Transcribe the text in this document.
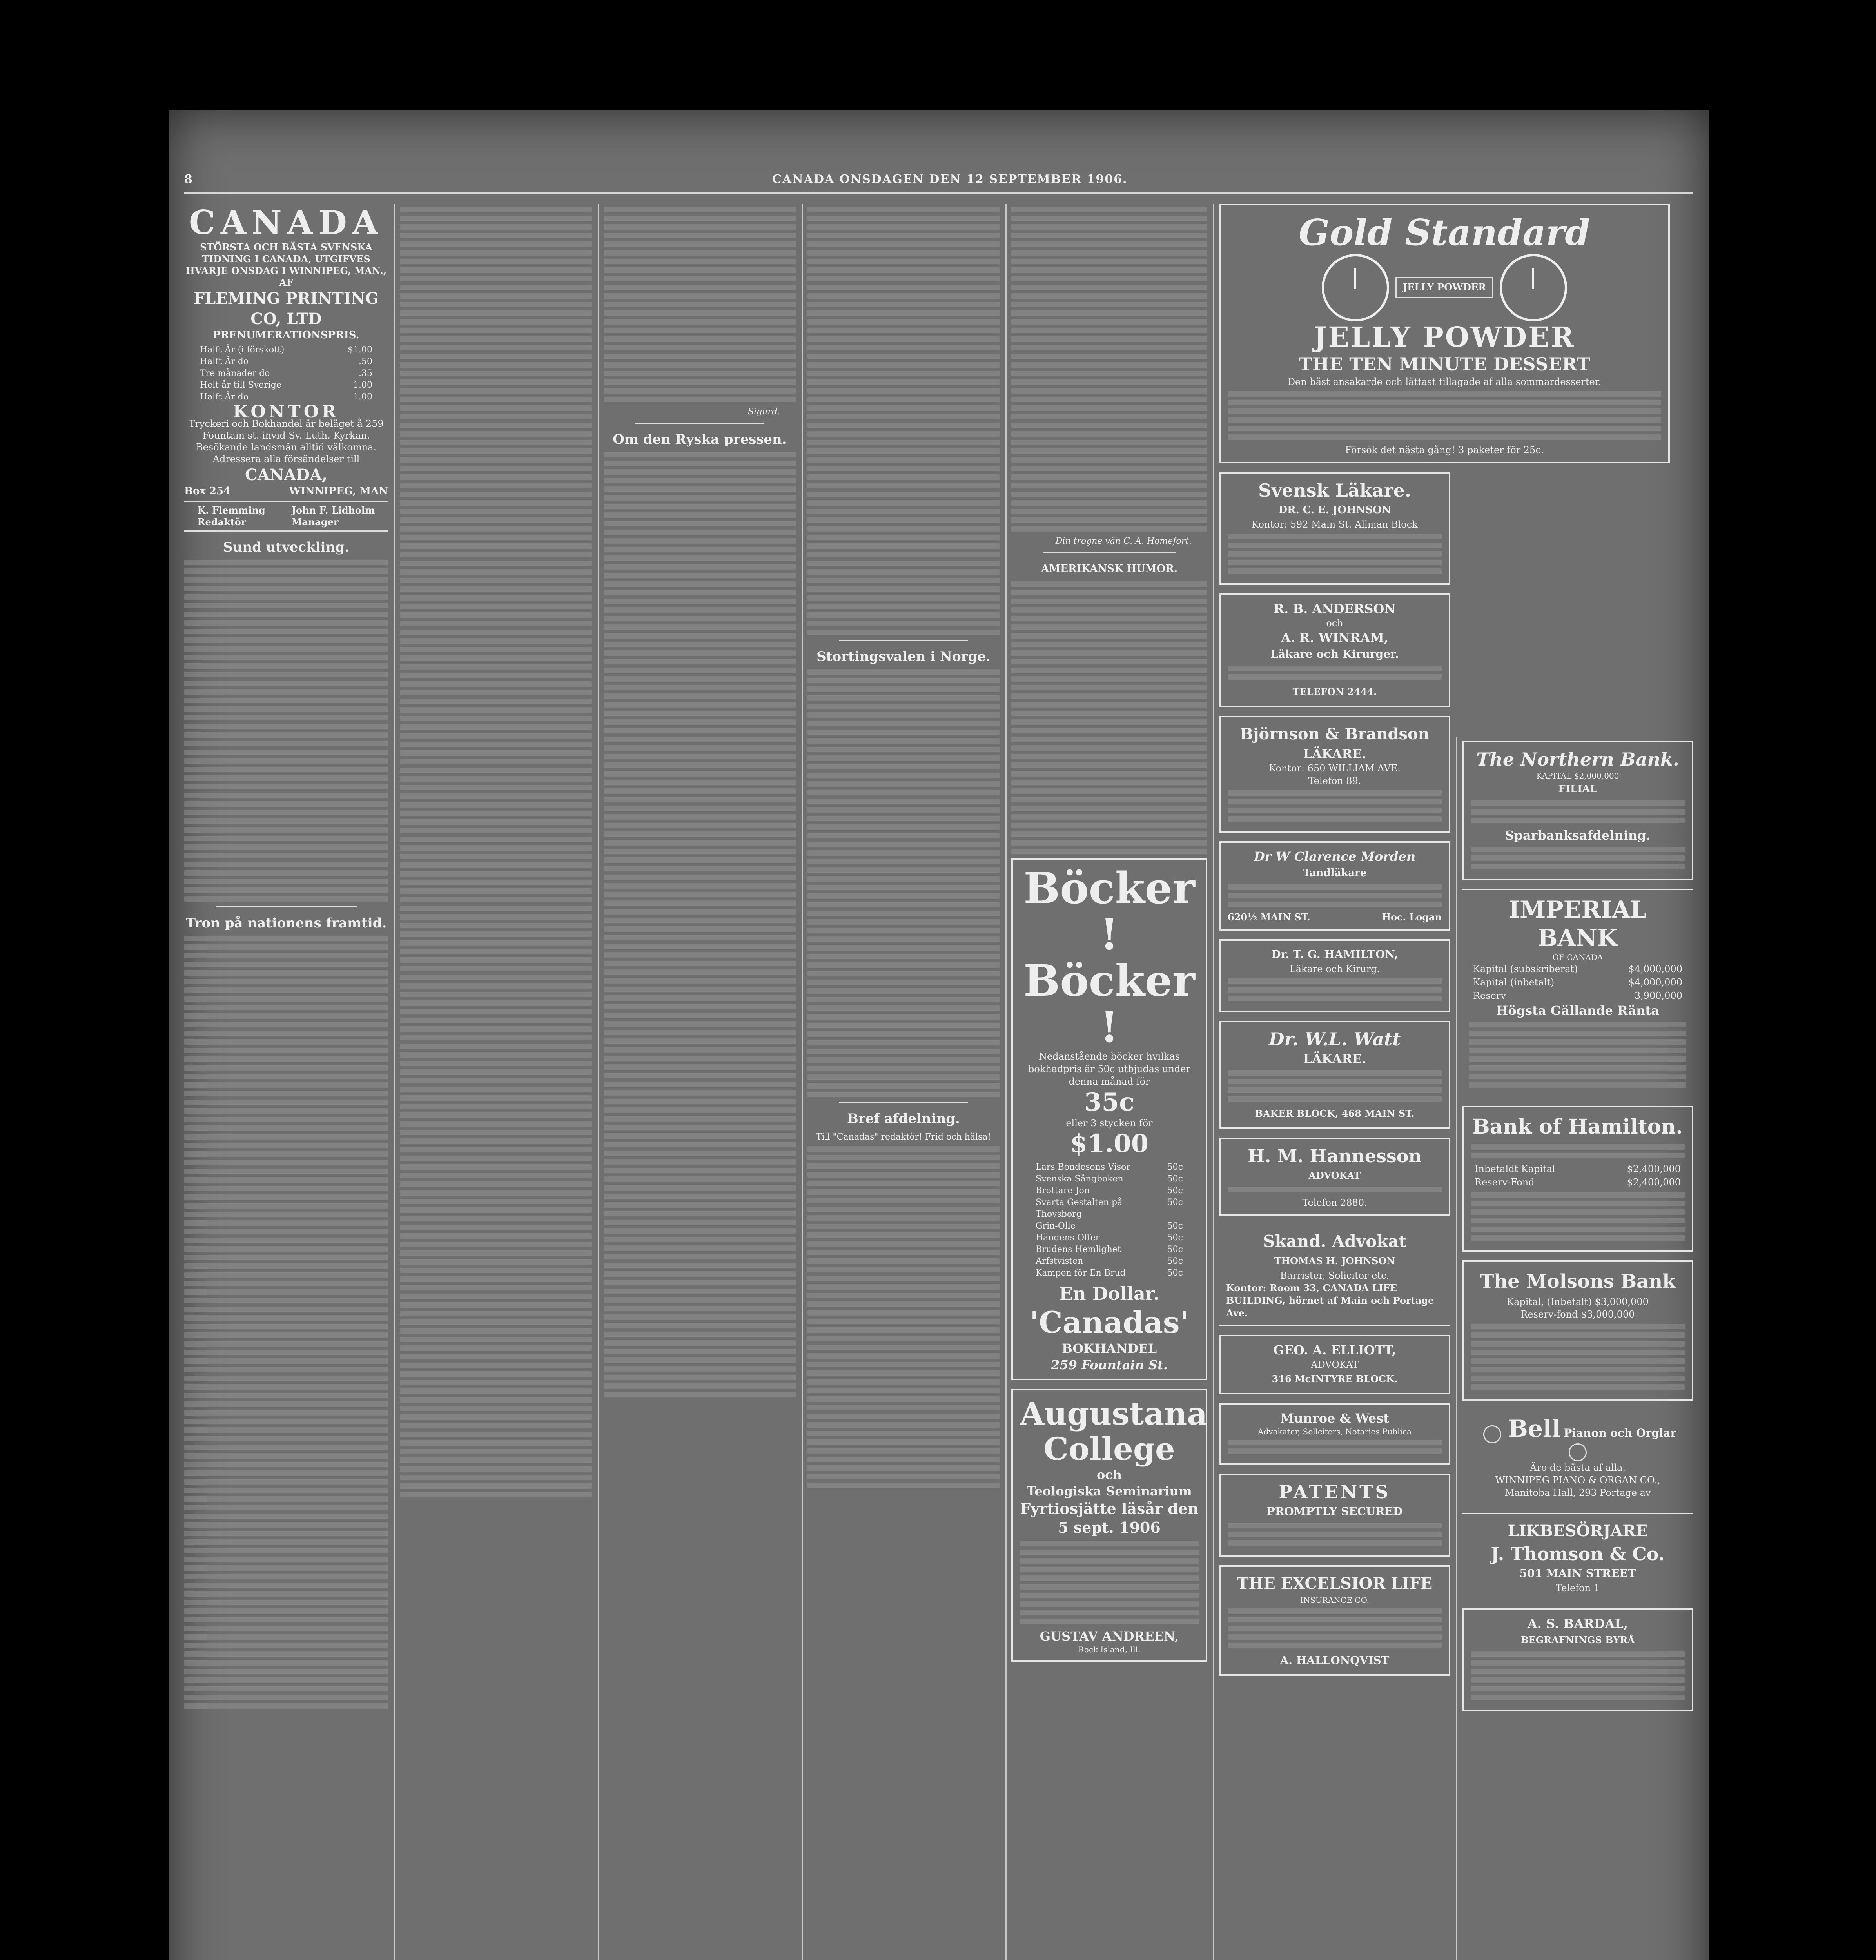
8	CANADA ONSDAGEN DEN 12 SEPTEMBER 1906.
CANADA
STÖRSTA OCH BÄSTA SVENSKA TIDNING I CANADA, UTGIFVES HVARJE ONSDAG I WINNIPEG, MAN., AF
FLEMING PRINTING CO, LTD
PRENUMERATIONSPRIS.
Halft År (i förskott)	$1.00
Halft År do	.50
Tre månader do	.35
Helt år till Sverige	1.00
Halft År do	1.00
KONTOR
Tryckeri och Bokhandel är beläget å 259 Fountain st. invid Sv. Luth. Kyrkan. Besökande landsmän alltid välkomna. Adressera alla försändelser till
CANADA,
Box 254	WINNIPEG, MAN
K. Flemming
Redaktör
John F. Lidholm
Manager
Sund utveckling.
Tron på nationens framtid.
Sigurd.
Om den Ryska pressen.
Stortingsvalen i Norge.
Bref afdelning.
Till "Canadas" redaktör! Frid och hälsa!
Din trogne vän C. A. Homefort.
AMERIKANSK HUMOR.
Böcker !
Böcker !
Nedanstående böcker hvilkas bokhadpris är 50c utbjudas under denna månad för
35c
eller 3 stycken för
$1.00
Lars Bondesons Visor	50c
Svenska Sångboken	50c
Brottare-Jon	50c
Svarta Gestalten på Thovsborg
50c
Grin-Olle	50c
Händens Offer	50c
Brudens Hemlighet	50c
Arfstvisten	50c
Kampen för En Brud	50c
En Dollar.
'Canadas'
BOKHANDEL
259 Fountain St.
Augustana
College
och
Teologiska Seminarium
Fyrtiosjätte läsår den 5 sept. 1906
GUSTAV ANDREEN,
Rock Island, Ill.
Gold Standard
JELLY POWDER
JELLY POWDER
THE TEN MINUTE DESSERT
Den bäst ansakarde och lättast tillagade af alla sommardesserter.
Försök det nästa gång! 3 paketer för 25c.
Svensk Läkare.
DR. C. E. JOHNSON
Kontor: 592 Main St. Allman Block
R. B. ANDERSON
och
A. R. WINRAM,
Läkare och Kirurger.
TELEFON 2444.
Björnson & Brandson
LÄKARE.
Kontor: 650 WILLIAM AVE.
Telefon 89.
Dr W Clarence Morden
Tandläkare
620½ MAIN ST.	Hoc. Logan
Dr. T. G. HAMILTON,
Läkare och Kirurg.
Dr. W.L. Watt
LÄKARE.
BAKER BLOCK, 468 MAIN ST.
H. M. Hannesson
ADVOKAT
Telefon 2880.
Skand. Advokat
THOMAS H. JOHNSON
Barrister, Solicitor etc.
Kontor: Room 33, CANADA LIFE BUILDING, hörnet af Main och Portage Ave.
GEO. A. ELLIOTT,
ADVOKAT
316 McINTYRE BLOCK.
Munroe & West
Advokater, Sollciters, Notaries Publica
PATENTS
PROMPTLY SECURED
THE EXCELSIOR LIFE
INSURANCE CO.
A. HALLONQVIST
The Northern Bank.
KAPITAL $2,000,000
FILIAL
Sparbanksafdelning.
IMPERIAL BANK
OF CANADA
Kapital (subskriberat)	$4,000,000
Kapital (inbetalt)	$4,000,000
Reserv	3,900,000
Högsta Gällande Ränta
Bank of Hamilton.
Inbetaldt Kapital	$2,400,000
Reserv-Fond	$2,400,000
The Molsons Bank
Kapital, (Inbetalt) $3,000,000
Reserv-fond $3,000,000
Bell Pianon och Orglar
Äro de bästa af alla.
WINNIPEG PIANO & ORGAN CO.,
Manitoba Hall, 293 Portage av
LIKBESÖRJARE
J. Thomson & Co.
501 MAIN STREET
Telefon 1
A. S. BARDAL,
BEGRAFNINGS BYRÅ
